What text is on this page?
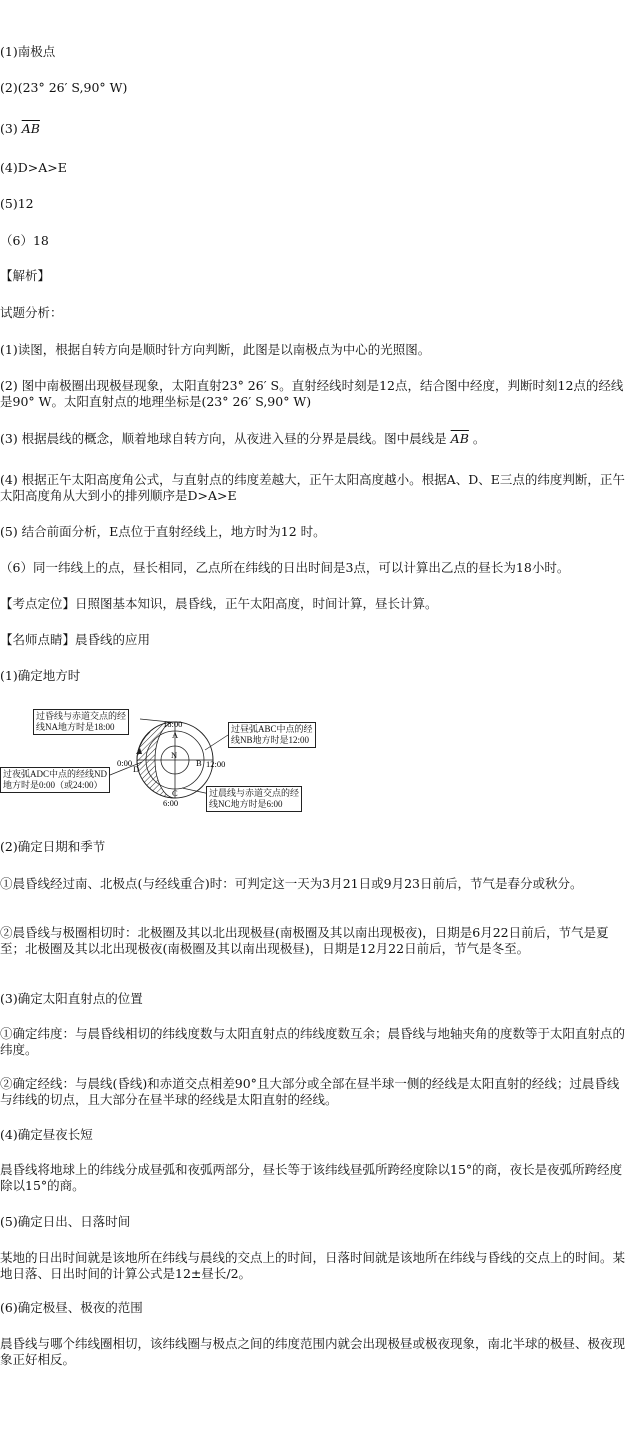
(1)南极点
(2)(23° 26′ S,90° W)
(3) $\overline{AB}$
(4)D>A>E
(5)12
（6）18
【解析】
试题分析：
(1)读图，根据自转方向是顺时针方向判断，此图是以南极点为中心的光照图。
(2) 图中南极圈出现极昼现象，太阳直射23° 26′ S。直射经线时刻是12点，结合图中经度，判断时刻12点的经线是90° W。太阳直射点的地理坐标是(23° 26′ S,90° W)
(3) 根据晨线的概念，顺着地球自转方向，从夜进入昼的分界是晨线。图中晨线是 $\overline{AB}$ 。
(4) 根据正午太阳高度角公式，与直射点的纬度差越大，正午太阳高度越小。根据A、D、E三点的纬度判断，正午太阳高度角从大到小的排列顺序是D>A>E
(5) 结合前面分析，E点位于直射经线上，地方时为12 时。
（6）同一纬线上的点，昼长相同，乙点所在纬线的日出时间是3点，可以计算出乙点的昼长为18小时。
【考点定位】日照图基本知识，晨昏线，正午太阳高度，时间计算，昼长计算。
【名师点睛】晨昏线的应用
(1)确定地方时
18:00
12:00
0:00
6:00
A
B
C
D
N
过昏线与赤道交点的经
线NA地方时是18:00	过昼弧ABC中点的经
线NB地方时是12:00
过夜弧ADC中点的经线ND
地方时是0:00（或24:00）
过晨线与赤道交点的经
线NC地方时是6:00
(2)确定日期和季节
①晨昏线经过南、北极点(与经线重合)时：可判定这一天为3月21日或9月23日前后，节气是春分或秋分。
②晨昏线与极圈相切时：北极圈及其以北出现极昼(南极圈及其以南出现极夜)，日期是6月22日前后，节气是夏至；北极圈及其以北出现极夜(南极圈及其以南出现极昼)，日期是12月22日前后，节气是冬至。
(3)确定太阳直射点的位置
①确定纬度：与晨昏线相切的纬线度数与太阳直射点的纬线度数互余；晨昏线与地轴夹角的度数等于太阳直射点的纬度。
②确定经线：与晨线(昏线)和赤道交点相差90°且大部分或全部在昼半球一侧的经线是太阳直射的经线；过晨昏线与纬线的切点，且大部分在昼半球的经线是太阳直射的经线。
(4)确定昼夜长短
晨昏线将地球上的纬线分成昼弧和夜弧两部分，昼长等于该纬线昼弧所跨经度除以15°的商，夜长是夜弧所跨经度除以15°的商。
(5)确定日出、日落时间
某地的日出时间就是该地所在纬线与晨线的交点上的时间，日落时间就是该地所在纬线与昏线的交点上的时间。某地日落、日出时间的计算公式是12±昼长/2。
(6)确定极昼、极夜的范围
晨昏线与哪个纬线圈相切，该纬线圈与极点之间的纬度范围内就会出现极昼或极夜现象，南北半球的极昼、极夜现象正好相反。
